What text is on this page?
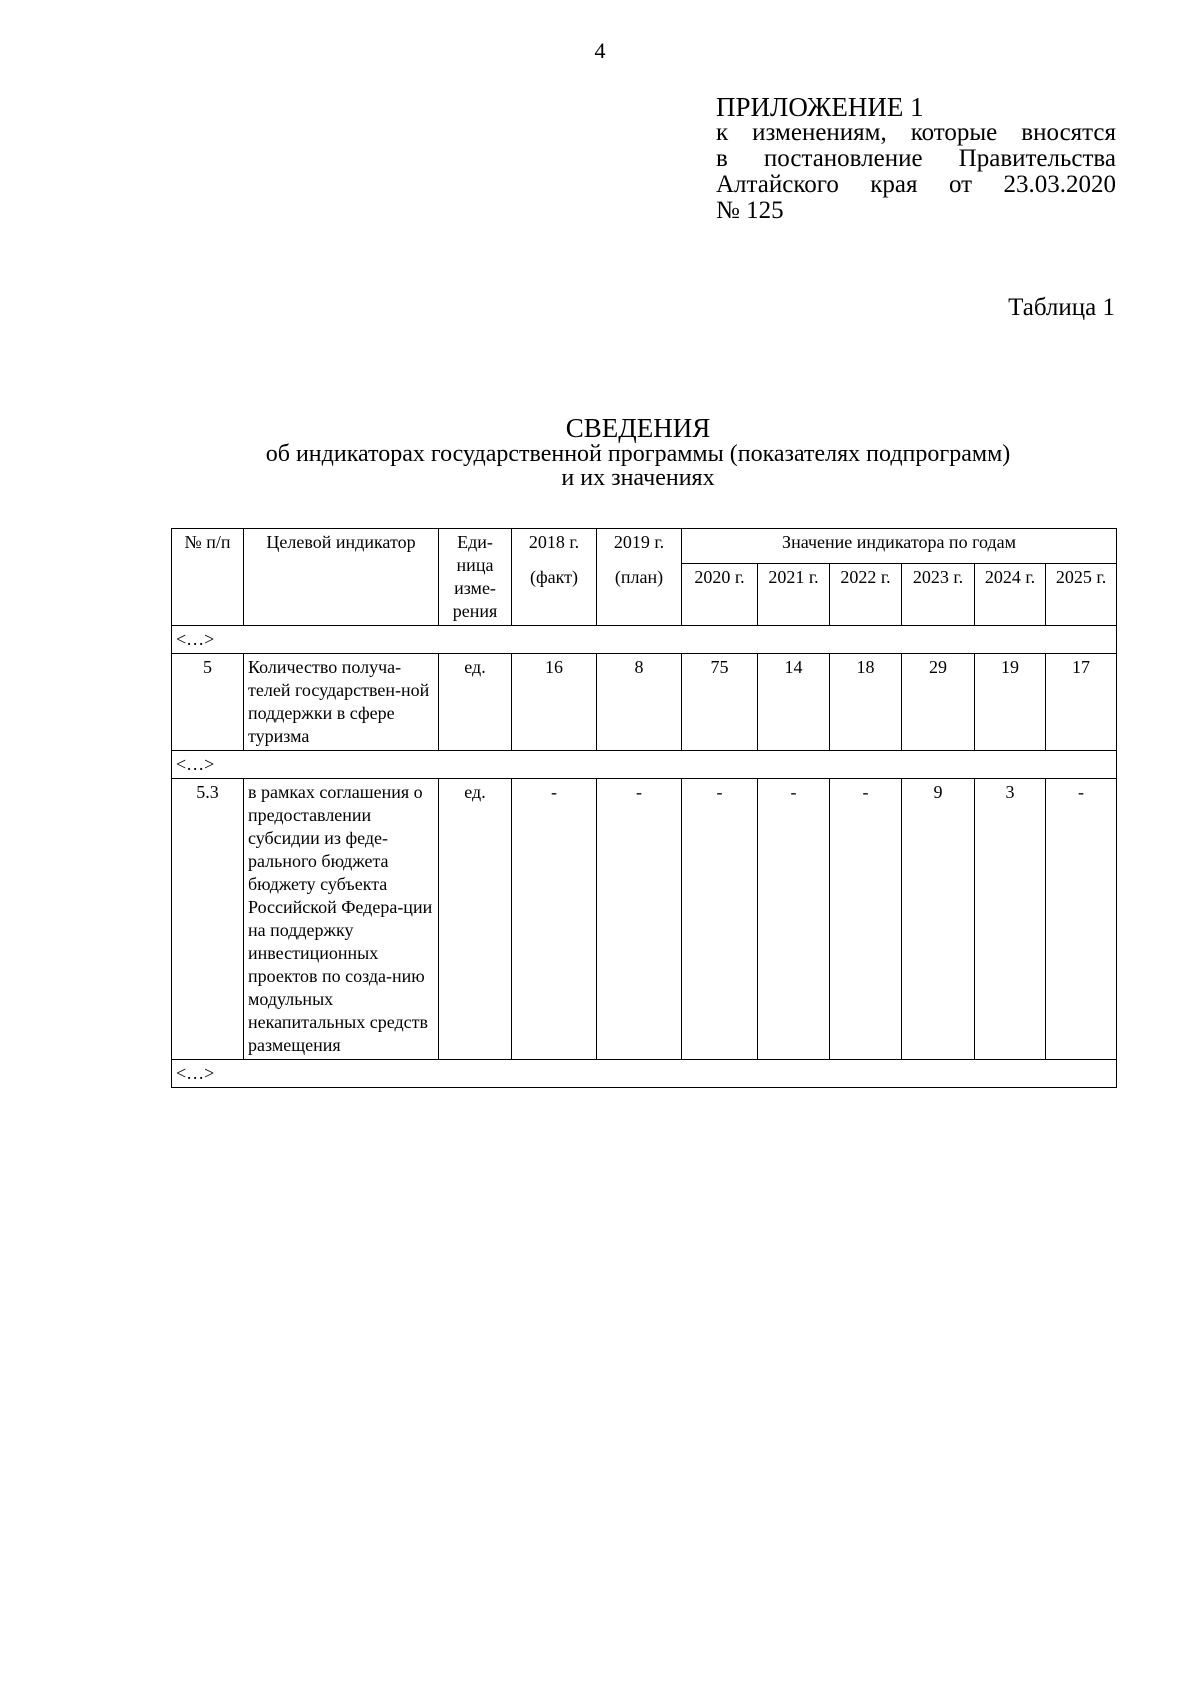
4
ПРИЛОЖЕНИЕ 1
к изменениям, которые вносятся
в постановление Правительства
Алтайского края от 23.03.2020
№ 125
Таблица 1
СВЕДЕНИЯ
об индикаторах государственной программы (показателях подпрограмм)
и их значениях
№ п/п	Целевой индикатор	Еди-ница изме-рения	2018 г.	2019 г.	Значение индикатора по годам					
			(факт)	(план)	2020 г.	2021 г.	2022 г.	2023 г.	2024 г.	2025 г.
<…>										
5	Количество получа-телей государствен-ной поддержки в сфере туризма	ед.	16	8	75	14	18	29	19	17
<…>										
5.3	в рамках соглашения о предоставлении субсидии из феде-рального бюджета бюджету субъекта Российской Федера-ции на поддержку инвестиционных проектов по созда-нию модульных некапитальных средств размещения	ед.	-	-	-	-	-	9	3	-
<…>										
